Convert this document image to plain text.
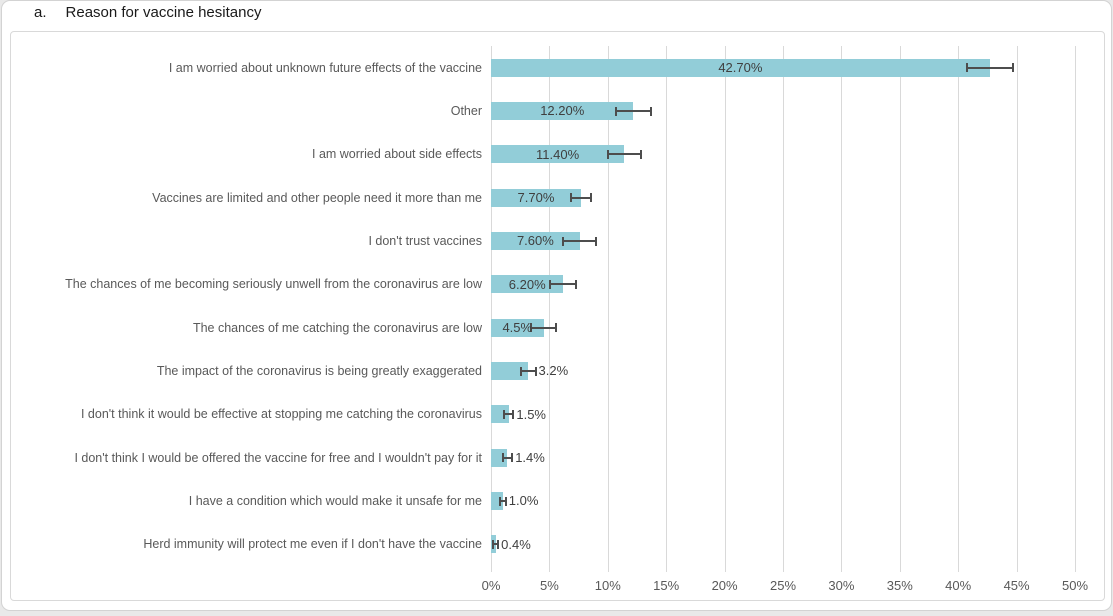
a. Reason for vaccine hesitancy
I am worried about unknown future effects of the vaccine	42.70%
Other	12.20%
I am worried about side effects	11.40%
Vaccines are limited and other people need it more than me	7.70%
I don't trust vaccines	7.60%
The chances of me becoming seriously unwell from the coronavirus are low	6.20%
The chances of me catching the coronavirus are low	4.5%
The impact of the coronavirus is being greatly exaggerated	3.2%
I don't think it would be effective at stopping me catching the coronavirus	1.5%
I don't think I would be offered the vaccine for free and I wouldn't pay for it	1.4%
I have a condition which would make it unsafe for me 1.0%
Herd immunity will protect me even if I don't have the vaccine 0.4%
0%	5%	10%	15%	20%	25%	30%	35%	40%	45%	50%
